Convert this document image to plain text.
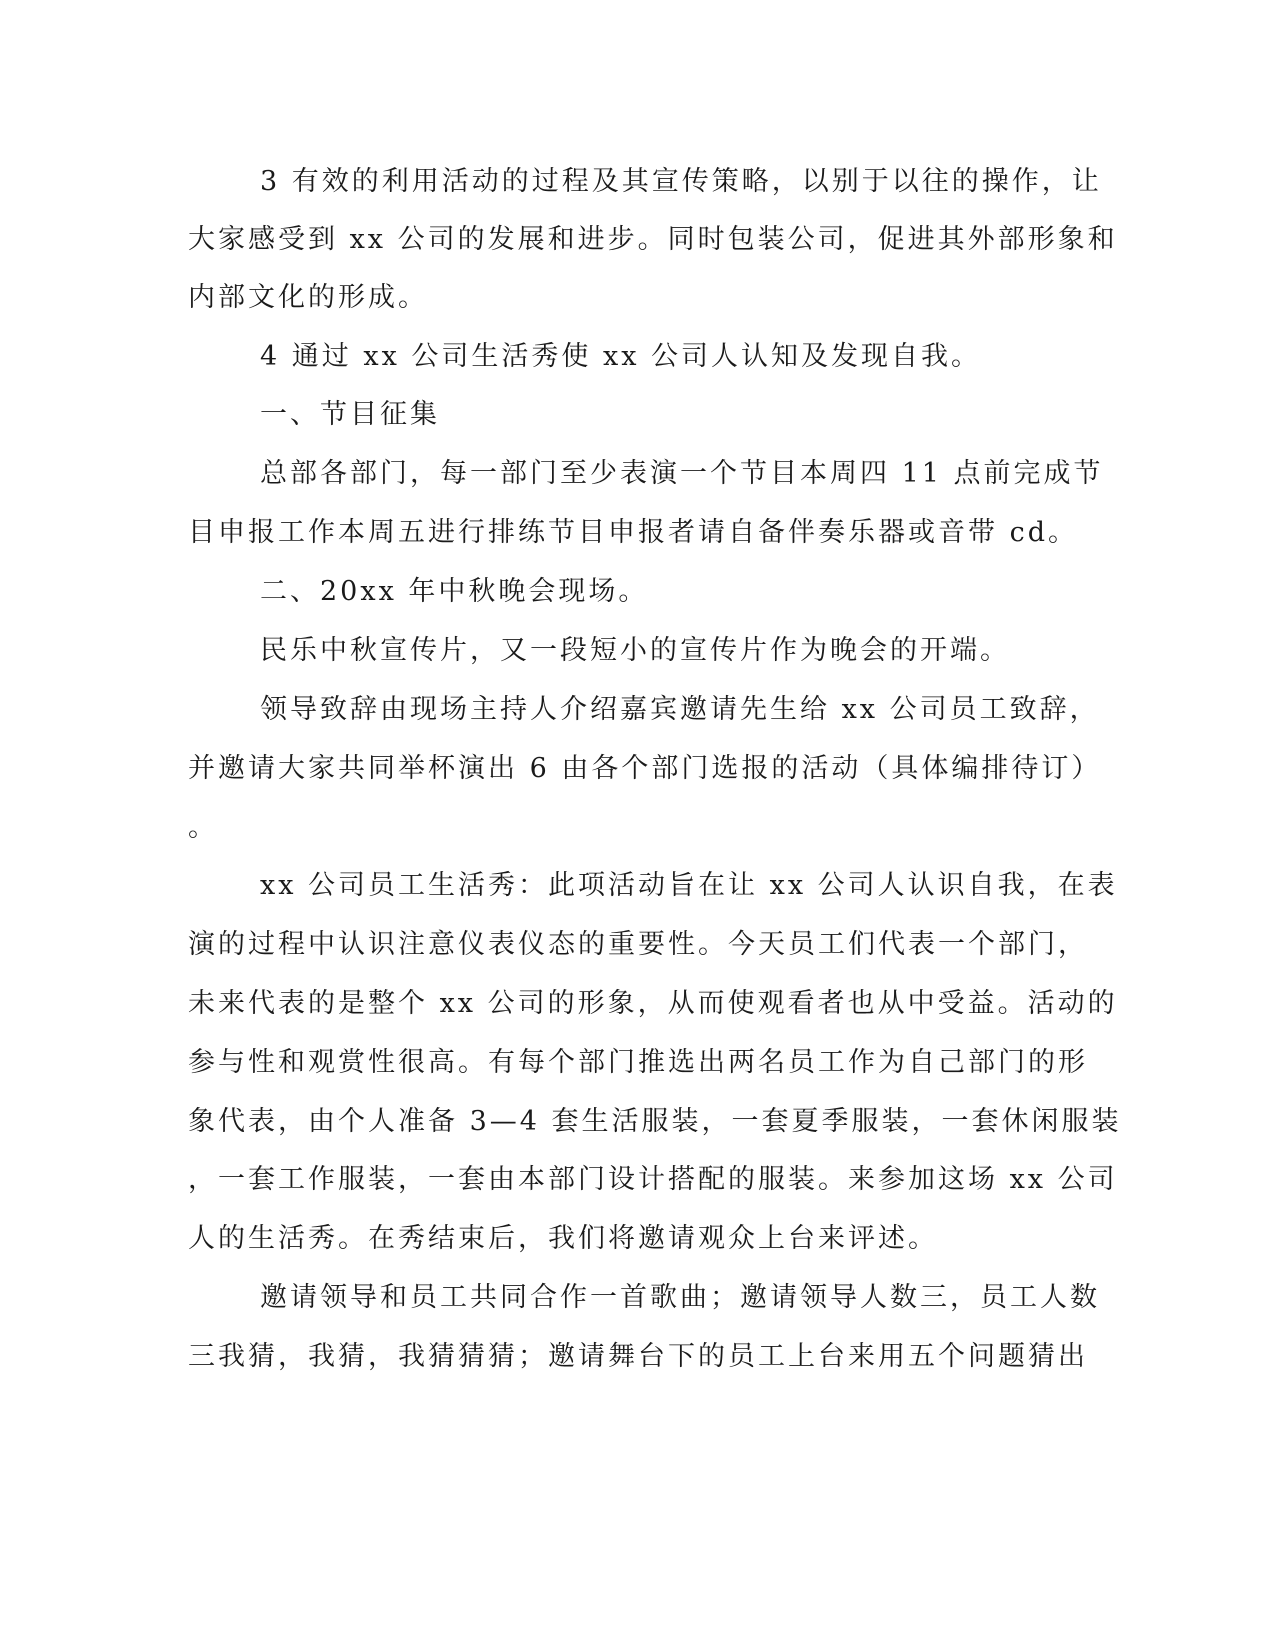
3 有效的利用活动的过程及其宣传策略，以别于以往的操作，让
大家感受到 xx 公司的发展和进步。同时包装公司，促进其外部形象和
内部文化的形成。
4 通过 xx 公司生活秀使 xx 公司人认知及发现自我。
一、节目征集
总部各部门，每一部门至少表演一个节目本周四 11 点前完成节
目申报工作本周五进行排练节目申报者请自备伴奏乐器或音带 cd。
二、20xx 年中秋晚会现场。
民乐中秋宣传片，又一段短小的宣传片作为晚会的开端。
领导致辞由现场主持人介绍嘉宾邀请先生给 xx 公司员工致辞，
并邀请大家共同举杯演出 6 由各个部门选报的活动（具体编排待订）
。
xx 公司员工生活秀：此项活动旨在让 xx 公司人认识自我，在表
演的过程中认识注意仪表仪态的重要性。今天员工们代表一个部门，
未来代表的是整个 xx 公司的形象，从而使观看者也从中受益。活动的
参与性和观赏性很高。有每个部门推选出两名员工作为自己部门的形
象代表，由个人准备 3—4 套生活服装，一套夏季服装，一套休闲服装
，一套工作服装，一套由本部门设计搭配的服装。来参加这场 xx 公司
人的生活秀。在秀结束后，我们将邀请观众上台来评述。
邀请领导和员工共同合作一首歌曲；邀请领导人数三，员工人数
三我猜，我猜，我猜猜猜；邀请舞台下的员工上台来用五个问题猜出
